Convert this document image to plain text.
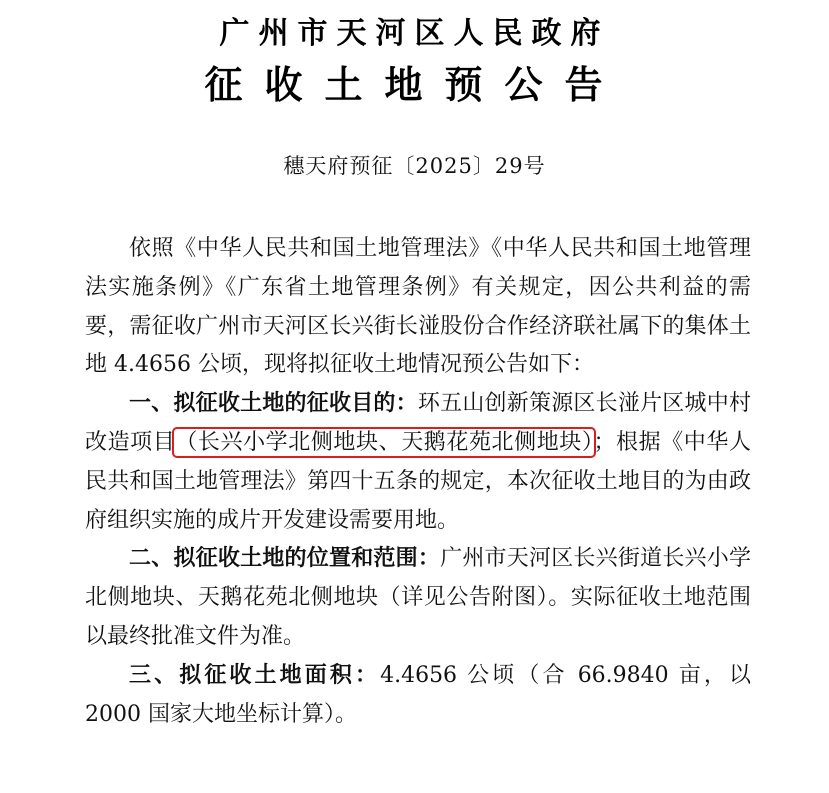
广州市天河区人民政府
征收土地预公告
穗天府预征〔2025〕29号

依照《中华人民共和国土地管理法》《中华人民共和国土地管理法实施条例》《广东省土地管理条例》有关规定，因公共利益的需要，需征收广州市天河区长兴街长湴股份合作经济联社属下的集体土地 4.4656 公顷，现将拟征收土地情况预公告如下：

一、拟征收土地的征收目的：环五山创新策源区长湴片区城中村改造项目（长兴小学北侧地块、天鹅花苑北侧地块）；根据《中华人民共和国土地管理法》第四十五条的规定，本次征收土地目的为由政府组织实施的成片开发建设需要用地。

二、拟征收土地的位置和范围：广州市天河区长兴街道长兴小学北侧地块、天鹅花苑北侧地块（详见公告附图）。实际征收土地范围以最终批准文件为准。

三、拟征收土地面积：4.4656 公顷（合 66.9840 亩，以 2000 国家大地坐标计算）。
